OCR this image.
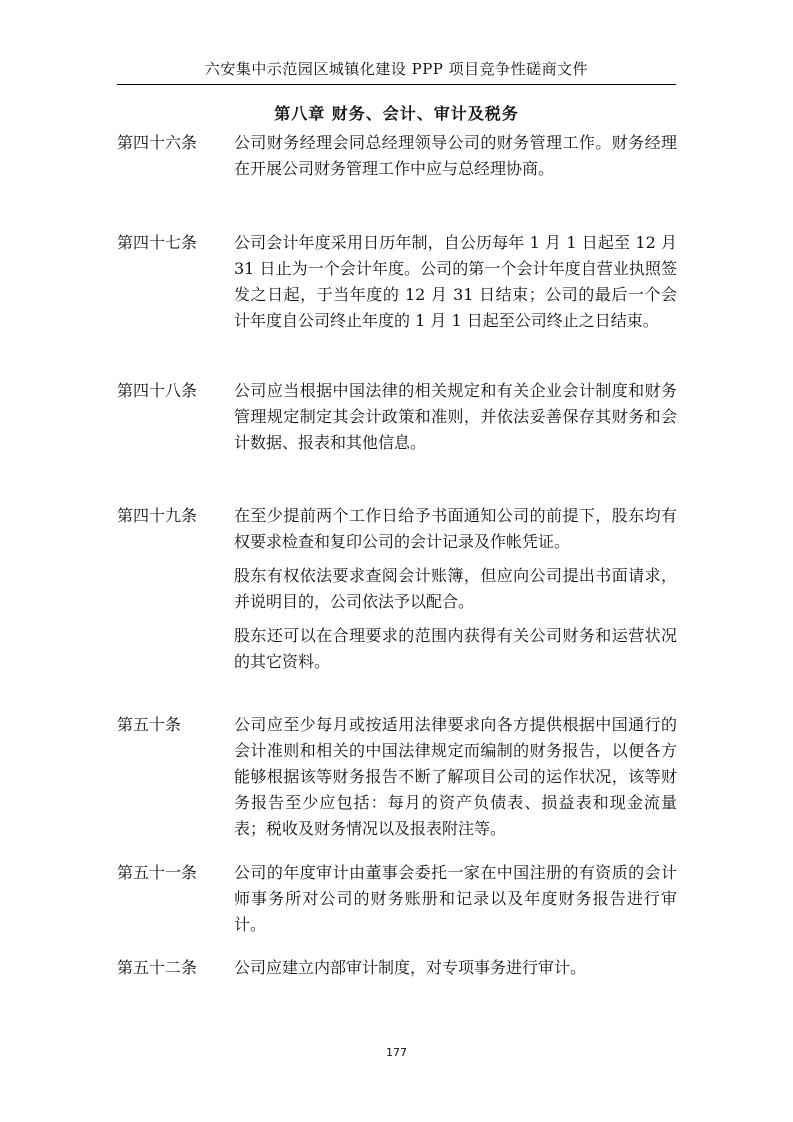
六安集中示范园区城镇化建设 PPP 项目竞争性磋商文件
第八章 财务、会计、审计及税务
第四十六条 公司财务经理会同总经理领导公司的财务管理工作。财务经理在开展公司财务管理工作中应与总经理协商。

第四十七条 公司会计年度采用日历年制，自公历每年 1 月 1 日起至 12 月 31 日止为一个会计年度。公司的第一个会计年度自营业执照签发之日起，于当年度的 12 月 31 日结束；公司的最后一个会计年度自公司终止年度的 1 月 1 日起至公司终止之日结束。

第四十八条 公司应当根据中国法律的相关规定和有关企业会计制度和财务管理规定制定其会计政策和准则，并依法妥善保存其财务和会计数据、报表和其他信息。

第四十九条 在至少提前两个工作日给予书面通知公司的前提下，股东均有权要求检查和复印公司的会计记录及作帐凭证。

股东有权依法要求查阅会计账簿，但应向公司提出书面请求，并说明目的，公司依法予以配合。

股东还可以在合理要求的范围内获得有关公司财务和运营状况的其它资料。

第五十条	公司应至少每月或按适用法律要求向各方提供根据中国通行的会计准则和相关的中国法律规定而编制的财务报告，以便各方能够根据该等财务报告不断了解项目公司的运作状况，该等财务报告至少应包括：每月的资产负债表、损益表和现金流量表；税收及财务情况以及报表附注等。

第五十一条 公司的年度审计由董事会委托一家在中国注册的有资质的会计师事务所对公司的财务账册和记录以及年度财务报告进行审计。

第五十二条 公司应建立内部审计制度，对专项事务进行审计。

177
